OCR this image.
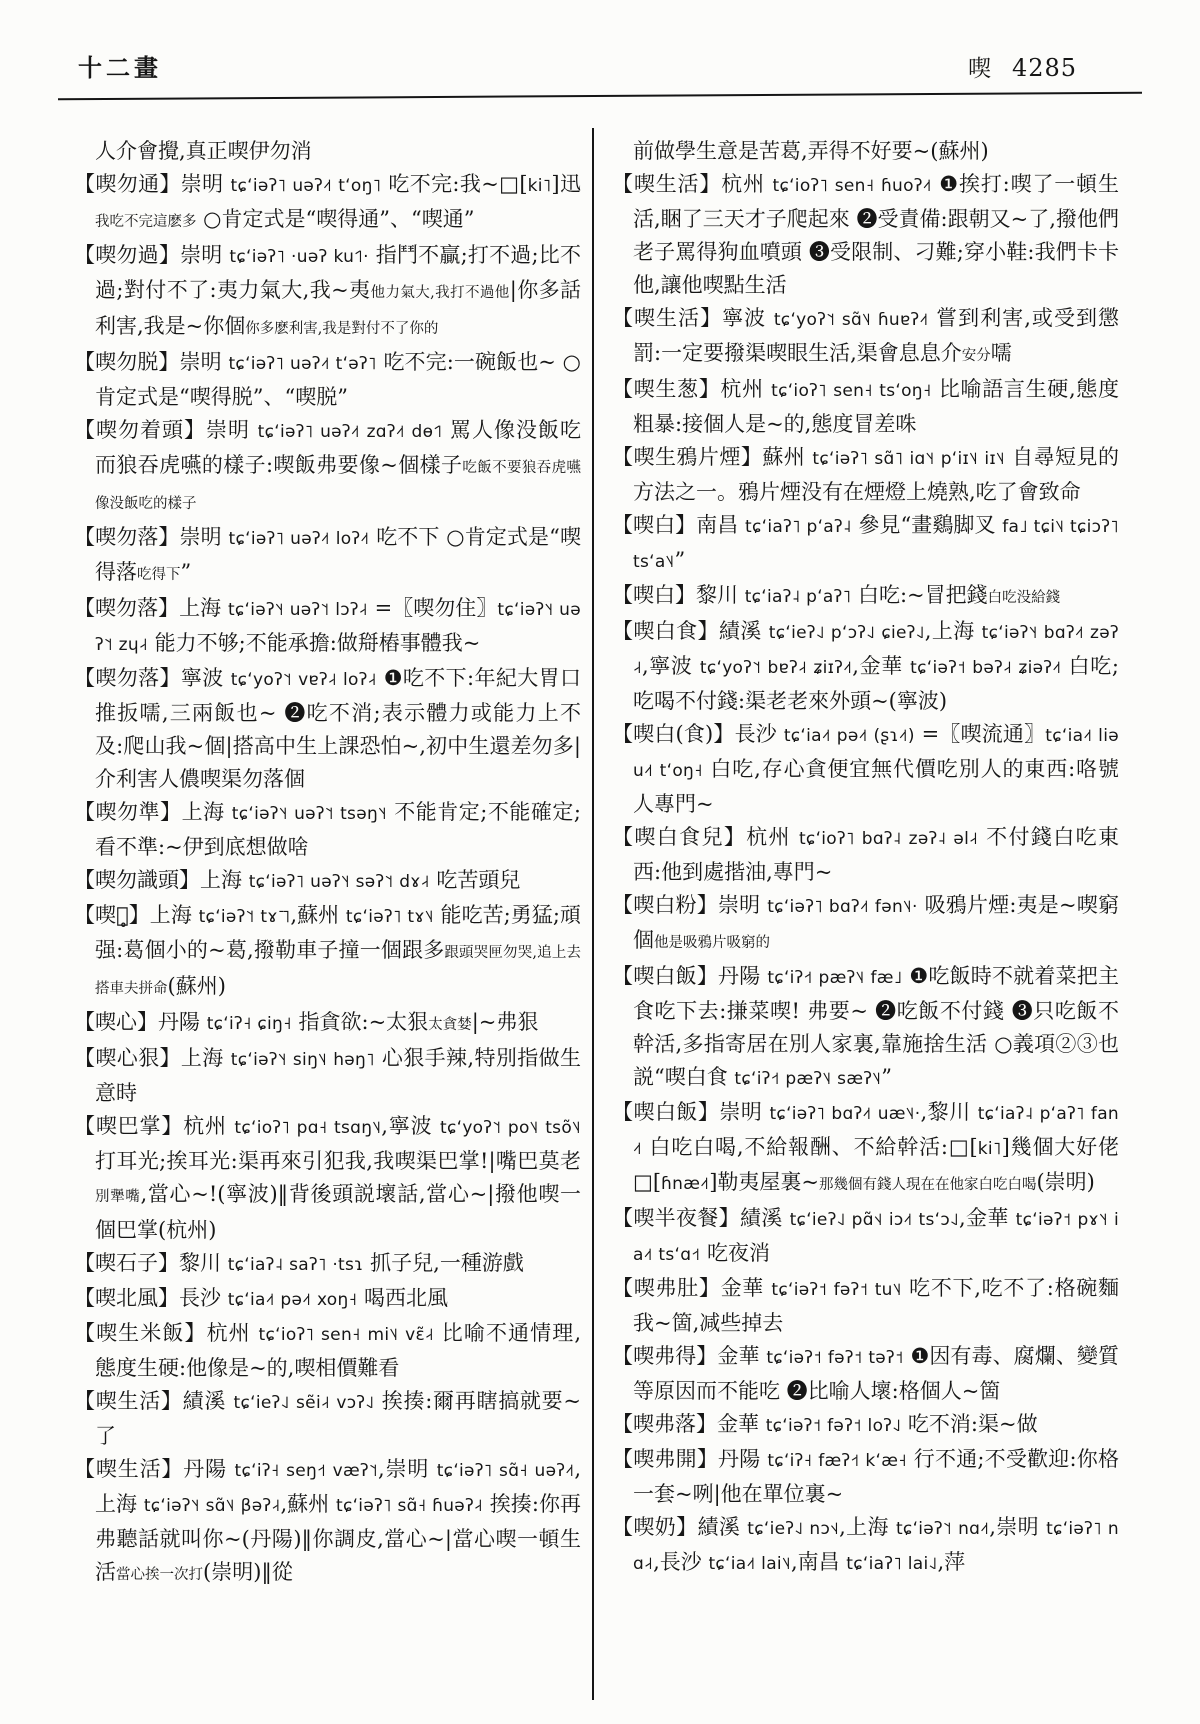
十二畫	喫 4285

人介會攪,真正喫伊勿消

【喫勿通】崇明 tɕʻiəʔ˥ uəʔ˨˦ tʻoŋ˥ 吃不完:我~□[ki˥]迅我吃不完這麽多 ○肯定式是“喫得通”、“喫通”

【喫勿過】崇明 tɕʻiəʔ˥ ·uəʔ ku˦˥· 指鬥不贏;打不過;比不過;對付不了:夷力氣大,我~夷他力氣大,我打不過他|你多話利害,我是~你個你多麽利害,我是對付不了你的

【喫勿脱】崇明 tɕʻiəʔ˥ uəʔ˨˦ tʻəʔ˥ 吃不完:一碗飯也~ ○肯定式是“喫得脱”、“喫脱”

【喫勿着頭】崇明 tɕʻiəʔ˥ uəʔ˨˦ zɑʔ˨˦ dɵ˦˥ 罵人像没飯吃而狼吞虎嚥的樣子:喫飯弗要像~個樣子吃飯不要狼吞虎嚥像没飯吃的樣子

【喫勿落】崇明 tɕʻiəʔ˥ uəʔ˨˦ loʔ˨˦ 吃不下 ○肯定式是“喫得落吃得下”

【喫勿落】上海 tɕʻiəʔ˥˧ uəʔ˥˦ lɔʔ˨˧ =〖喫勿住〗tɕʻiəʔ˥˧ uəʔ˥˦ zɥ˨˧ 能力不够;不能承擔:做搿樁事體我~

【喫勿落】寧波 tɕʻyoʔ˥˦ vɐʔ˨˧ loʔ˨˧ ❶吃不下:年紀大胃口推扳嚅,三兩飯也~ ❷吃不消;表示體力或能力上不及:爬山我~個|搭高中生上課恐怕~,初中生還差勿多|介利害人儂喫渠勿落個

【喫勿準】上海 tɕʻiəʔ˥˧ uəʔ˥˦ tsəŋ˥˧ 不能肯定;不能確定;看不準:~伊到底想做啥

【喫勿識頭】上海 tɕʻiəʔ˥ uəʔ˥˧ səʔ˥˦ dɤ˨˧ 吃苦頭兒

【喫斗̥】上海 tɕʻiəʔ˥˦ tɤ˥˥,蘇州 tɕʻiəʔ˥ tɤ˥˨ 能吃苦;勇猛;頑强:葛個小的~葛,撥勒車子撞一個跟多跟頭哭匣勿哭,追上去搭車夫拼命(蘇州)

【喫心】丹陽 tɕʻiʔ˧ ɕiŋ˧ 指貪欲:~太狠太貪婪|~弗狠

【喫心狠】上海 tɕʻiəʔ˥˧ siŋ˥˨ həŋ˥ 心狠手辣,特別指做生意時

【喫巴掌】杭州 tɕʻioʔ˥ pɑ˧ tsɑŋ˥˨,寧波 tɕʻyoʔ˥˦ po˥˨ tsõ˥˨ 打耳光;挨耳光:渠再來引犯我,我喫渠巴掌!|嘴巴莫老別犟嘴,當心~!(寧波)‖背後頭説壞話,當心~|撥他喫一個巴掌(杭州)

【喫石子】黎川 tɕʻiaʔ˨ saʔ˥ ·tsɿ 抓子兒,一種游戲

【喫北風】長沙 tɕʻia˨˦ pə˨˦ xoŋ˧ 喝西北風

【喫生米飯】杭州 tɕʻioʔ˥ sen˧ mi˥˨ vɛ̃˨˧ 比喻不通情理,態度生硬:他像是~的,喫相價難看

【喫生活】績溪 tɕʻieʔ˨˩ sẽi˨˧ vɔʔ˨˩ 挨揍:爾再瞎搞就要~了

【喫生活】丹陽 tɕʻiʔ˧ seŋ˧˦ væʔ˥˦,崇明 tɕʻiəʔ˥ sɑ̃˧ uəʔ˨˦,上海 tɕʻiəʔ˥˧ sɑ̃˥˨ βəʔ˨˧,蘇州 tɕʻiəʔ˥ sɑ̃˧ ɦuəʔ˨˧ 挨揍:你再弗聽話就叫你~(丹陽)‖你調皮,當心~|當心喫一頓生活當心挨一次打(崇明)‖從

前做學生意是苦葛,弄得不好要~(蘇州)

【喫生活】杭州 tɕʻioʔ˥ sen˧ ɦuoʔ˨˦ ❶挨打:喫了一頓生活,睏了三天才子爬起來 ❷受責備:跟朝又~了,撥他們老子罵得狗血噴頭 ❸受限制、刁難;穿小鞋:我們卡卡他,讓他喫點生活

【喫生活】寧波 tɕʻyoʔ˥˦ sɑ̃˥˨ ɦuɐʔ˨˦ 嘗到利害,或受到懲罰:一定要撥渠喫眼生活,渠會息息介安分嚅

【喫生葱】杭州 tɕʻioʔ˥ sen˧ tsʻoŋ˧ 比喻語言生硬,態度粗暴:接個人是~的,態度冒差咮

【喫生鴉片煙】蘇州 tɕʻiəʔ˥ sɑ̃˥ iɑ˥˧ pʻiɪ˥˨ iɪ˥˨ 自尋短見的方法之一。鴉片煙没有在煙燈上燒熟,吃了會致命

【喫白】南昌 tɕʻiaʔ˥ pʻaʔ˨ 參見“畫鷄脚叉 fa˩ tɕi˥˨ tɕiɔʔ˥ tsʻa˥˨”

【喫白】黎川 tɕʻiaʔ˨ pʻaʔ˥ 白吃:~冒把錢白吃没給錢

【喫白食】績溪 tɕʻieʔ˨˩ pʻɔʔ˨˩ ɕieʔ˨˩,上海 tɕʻiəʔ˥˧ bɑʔ˨˦ zəʔ˨˧,寧波 tɕʻyoʔ˥˦ bɐʔ˨˧ ʑiɪʔ˨˦,金華 tɕʻiəʔ˦ bəʔ˨˧ ʑiəʔ˨˦ 白吃;吃喝不付錢:渠老老來外頭~(寧波)

【喫白(食)】長沙 tɕʻia˨˦ pə˨˦ (ʂɿ˨˦) =〖喫流通〗tɕʻia˨˦ liəu˨˦ tʻoŋ˧ 白吃,存心貪便宜無代價吃別人的東西:咯號人專門~

【喫白食兒】杭州 tɕʻioʔ˥ bɑʔ˨ zəʔ˨ əl˨˧ 不付錢白吃東西:他到處揩油,專門~

【喫白粉】崇明 tɕʻiəʔ˥ bɑʔ˨˦ fən˥˨· 吸鴉片煙:夷是~喫窮個他是吸鴉片吸窮的

【喫白飯】丹陽 tɕʻiʔ˧˦ pæʔ˥˨ fæ˩ ❶吃飯時不就着菜把主食吃下去:搛菜喫! 弗要~ ❷吃飯不付錢 ❸只吃飯不幹活,多指寄居在別人家裏,靠施捨生活 ○義項②③也説“喫白食 tɕʻiʔ˧˦ pæʔ˥˨ sæʔ˥˨”

【喫白飯】崇明 tɕʻiəʔ˥ bɑʔ˨˦ uæ˥˨·,黎川 tɕʻiaʔ˨ pʻaʔ˥ fan˨˦ 白吃白喝,不給報酬、不給幹活:□[ki˥]幾個大好佬□[ɦnæ˨˦]勒夷屋裏~那幾個有錢人現在在他家白吃白喝(崇明)

【喫半夜餐】績溪 tɕʻieʔ˨˩ pɑ̃˦˨ iɔ˨˦ tsʻɔ˨˩,金華 tɕʻiəʔ˦ pɤ˥˧ ia˨˦ tsʻɑ˧˦ 吃夜消

【喫弗肚】金華 tɕʻiəʔ˦ fəʔ˦ tu˥˨ 吃不下,吃不了:格碗麵我~箇,减些掉去

【喫弗得】金華 tɕʻiəʔ˦ fəʔ˦ təʔ˦ ❶因有毒、腐爛、變質等原因而不能吃 ❷比喻人壞:格個人~箇

【喫弗落】金華 tɕʻiəʔ˦ fəʔ˦ loʔ˨˩ 吃不消:渠~做

【喫弗開】丹陽 tɕʻiʔ˧ fæʔ˧˦ kʻæ˧ 行不通;不受歡迎:你格一套~咧|他在單位裏~

【喫奶】績溪 tɕʻieʔ˨˩ nɔ˦˨,上海 tɕʻiəʔ˥˦ nɑ˨˦,崇明 tɕʻiəʔ˥ nɑ˨˧,長沙 tɕʻia˨˦ lai˥˨,南昌 tɕʻiaʔ˥ lai˨˩,萍
